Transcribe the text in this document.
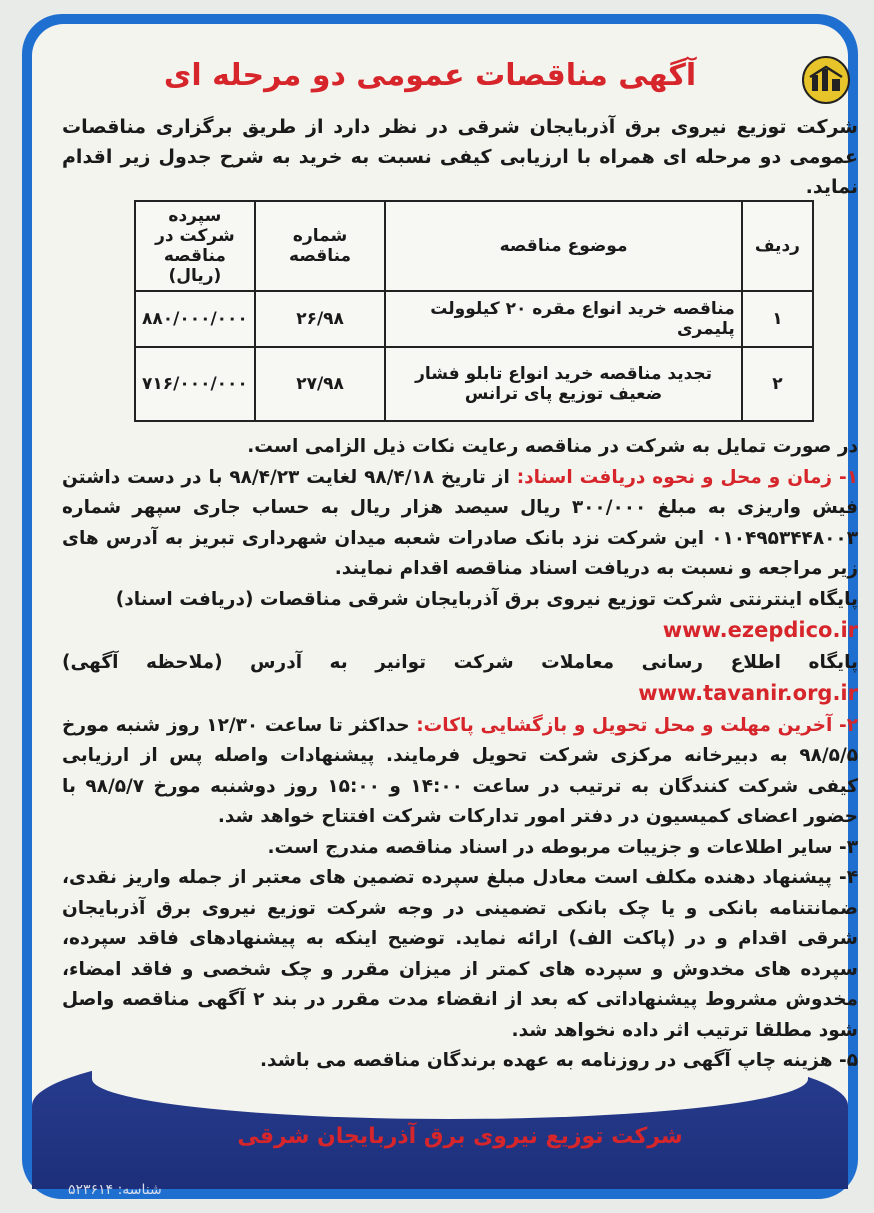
آگهی مناقصات عمومی دو مرحله ای

شرکت توزیع نیروی برق آذربایجان شرقی در نظر دارد از طریق برگزاری مناقصات عمومی دو مرحله ای همراه با ارزیابی کیفی نسبت به خرید به شرح جدول زیر اقدام نماید.

ردیف	موضوع مناقصه	شماره مناقصه	سپرده شرکت در مناقصه (ریال)
۱	مناقصه خرید انواع مقره ۲۰ کیلوولت پلیمری	۲۶/۹۸	۸۸۰/۰۰۰/۰۰۰
۲	تجدید مناقصه خرید انواع تابلو فشار ضعیف توزیع پای ترانس	۲۷/۹۸	۷۱۶/۰۰۰/۰۰۰

در صورت تمایل به شرکت در مناقصه رعایت نکات ذیل الزامی است.

۱- زمان و محل و نحوه دریافت اسناد: از تاریخ ۹۸/۴/۱۸ لغایت ۹۸/۴/۲۳ با در دست داشتن فیش واریزی به مبلغ ۳۰۰/۰۰۰ ریال سیصد هزار ریال به حساب جاری سپهر شماره ۰۱۰۴۹۵۳۴۴۸۰۰۳ این شرکت نزد بانک صادرات شعبه میدان شهرداری تبریز به آدرس های زیر مراجعه و نسبت به دریافت اسناد مناقصه اقدام نمایند.

پایگاه اینترنتی شرکت توزیع نیروی برق آذربایجان شرقی مناقصات (دریافت اسناد)

www.ezepdico.ir

پایگاه اطلاع رسانی معاملات شرکت توانیر به آدرس (ملاحظه آگهی) www.tavanir.org.ir

۲- آخرین مهلت و محل تحویل و بازگشایی پاکات: حداکثر تا ساعت ۱۲/۳۰ روز شنبه مورخ ۹۸/۵/۵ به دبیرخانه مرکزی شرکت تحویل فرمایند. پیشنهادات واصله پس از ارزیابی کیفی شرکت کنندگان به ترتیب در ساعت ۱۴:۰۰ و ۱۵:۰۰ روز دوشنبه مورخ ۹۸/۵/۷ با حضور اعضای کمیسیون در دفتر امور تدارکات شرکت افتتاح خواهد شد.

۳- سایر اطلاعات و جزییات مربوطه در اسناد مناقصه مندرج است.

۴- پیشنهاد دهنده مکلف است معادل مبلغ سپرده تضمین های معتبر از جمله واریز نقدی، ضمانتنامه بانکی و یا چک بانکی تضمینی در وجه شرکت توزیع نیروی برق آذربایجان شرقی اقدام و در (پاکت الف) ارائه نماید. توضیح اینکه به پیشنهادهای فاقد سپرده، سپرده های مخدوش و سپرده های کمتر از میزان مقرر و چک شخصی و فاقد امضاء، مخدوش مشروط پیشنهاداتی که بعد از انقضاء مدت مقرر در بند ۲ آگهی مناقصه واصل شود مطلقا ترتیب اثر داده نخواهد شد.

۵- هزینه چاپ آگهی در روزنامه به عهده برندگان مناقصه می باشد.

شرکت توزیع نیروی برق آذربایجان شرقی
شناسه: ۵۲۳۶۱۴
